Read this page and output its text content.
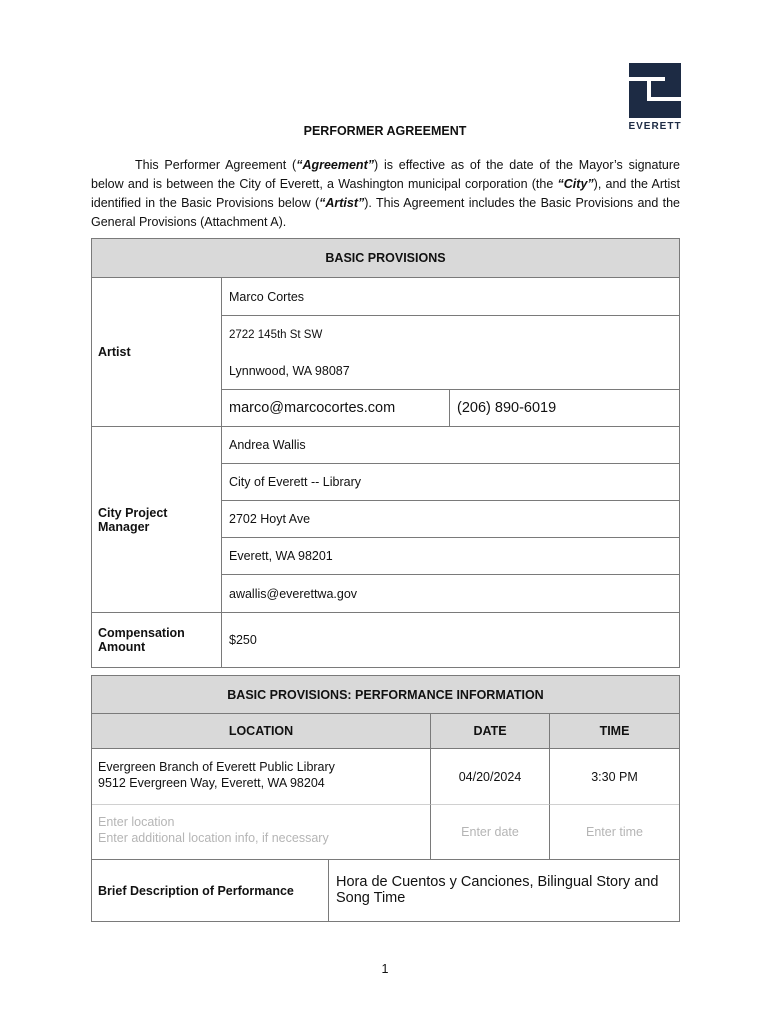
EVERETT
PERFORMER AGREEMENT

This Performer Agreement (“Agreement”) is effective as of the date of the Mayor’s signature below and is between the City of Everett, a Washington municipal corporation (the “City”), and the Artist identified in the Basic Provisions below (“Artist”). This Agreement includes the Basic Provisions and the General Provisions (Attachment A).

BASIC PROVISIONS
Artist
Marco Cortes
2722 145th St SW
Lynnwood, WA 98087
marco@marcocortes.com	(206) 890-6019
City Project Manager
Andrea Wallis
City of Everett -- Library
2702 Hoyt Ave
Everett, WA 98201
awallis@everettwa.gov
Compensation Amount	$250
BASIC PROVISIONS: PERFORMANCE INFORMATION
LOCATION	DATE	TIME
Evergreen Branch of Everett Public Library
9512 Evergreen Way, Everett, WA 98204	04/20/2024	3:30 PM
Enter location
Enter additional location info, if necessary	Enter date	Enter time
Brief Description of Performance
Hora de Cuentos y Canciones, Bilingual Story and Song Time
1
